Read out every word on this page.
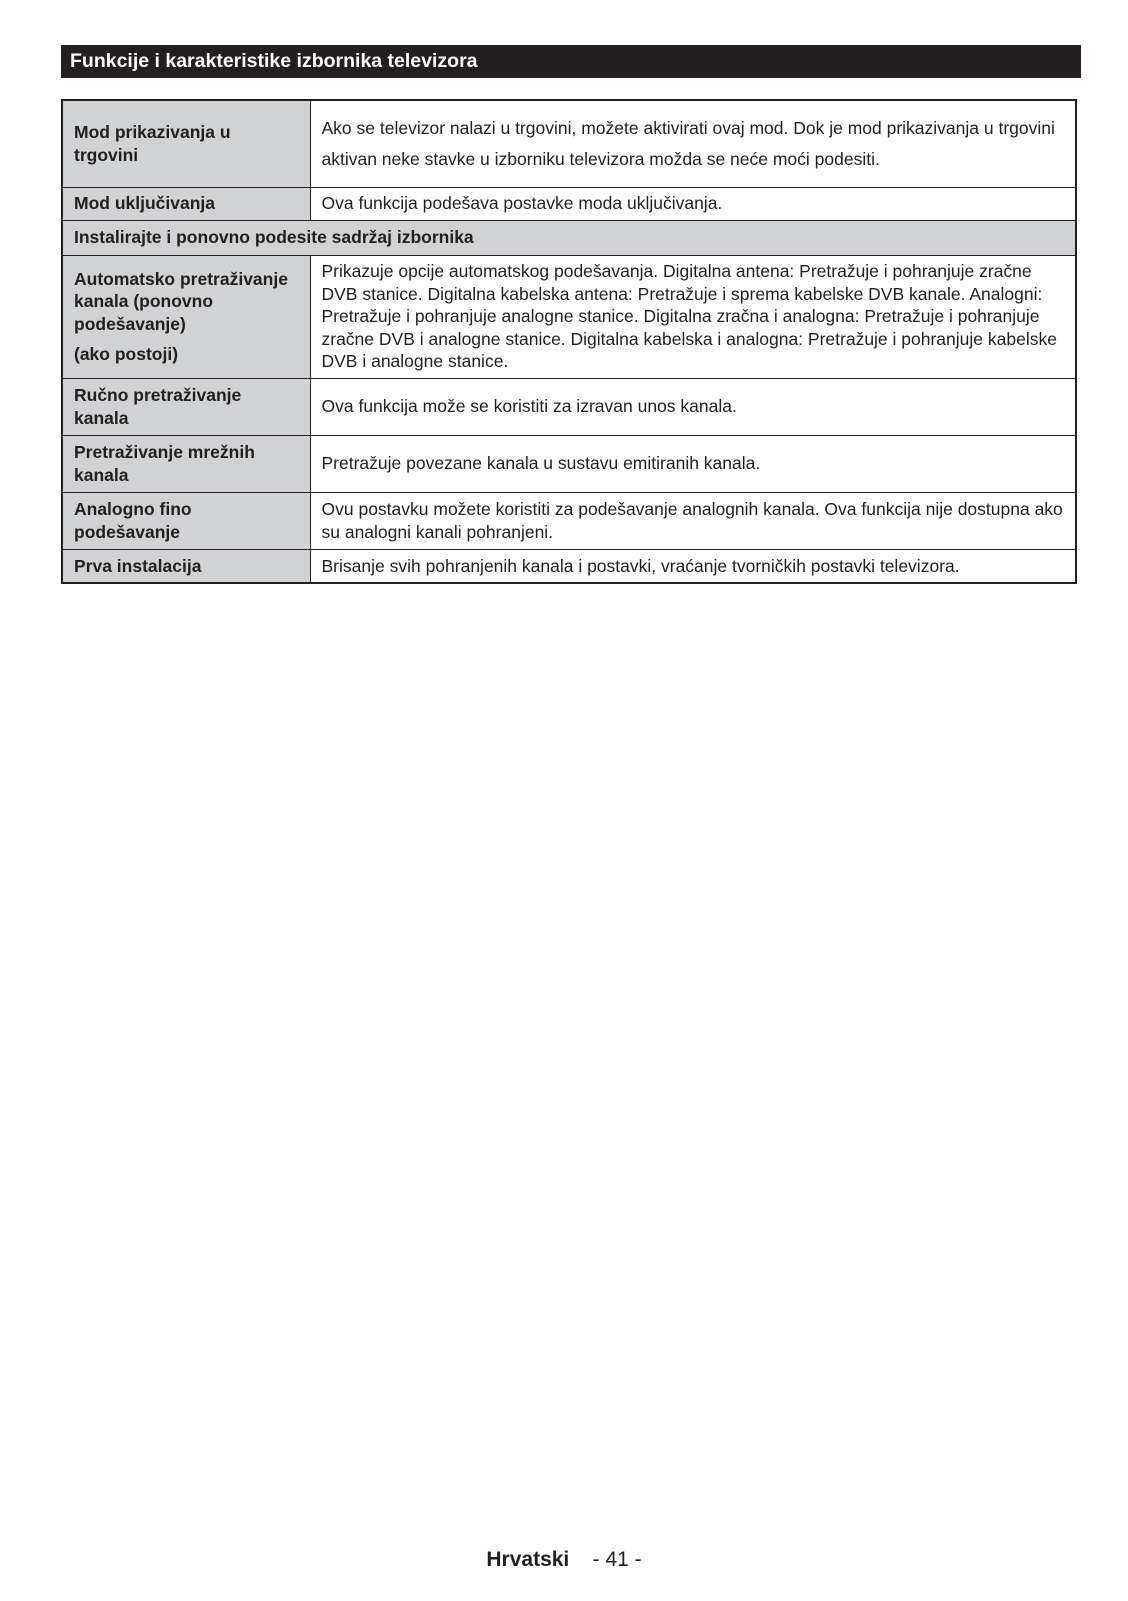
Funkcije i karakteristike izbornika televizora
Mod prikazivanja u trgovini	Ako se televizor nalazi u trgovini, možete aktivirati ovaj mod. Dok je mod prikazivanja u trgovini
aktivan neke stavke u izborniku televizora možda se neće moći podesiti.
Mod uključivanja	Ova funkcija podešava postavke moda uključivanja.
Instalirajte i ponovno podesite sadržaj izbornika	
Automatsko pretraživanje kanala (ponovno podešavanje)
(ako postoji)	Prikazuje opcije automatskog podešavanja. Digitalna antena: Pretražuje i pohranjuje zračne DVB stanice. Digitalna kabelska antena: Pretražuje i sprema kabelske DVB kanale. Analogni: Pretražuje i pohranjuje analogne stanice. Digitalna zračna i analogna: Pretražuje i pohranjuje zračne DVB i analogne stanice. Digitalna kabelska i analogna: Pretražuje i pohranjuje kabelske DVB i analogne stanice.
Ručno pretraživanje kanala	Ova funkcija može se koristiti za izravan unos kanala.
Pretraživanje mrežnih kanala	Pretražuje povezane kanala u sustavu emitiranih kanala.
Analogno fino podešavanje	Ovu postavku možete koristiti za podešavanje analognih kanala. Ova funkcija nije dostupna ako su analogni kanali pohranjeni.
Prva instalacija	Brisanje svih pohranjenih kanala i postavki, vraćanje tvorničkih postavki televizora.
Hrvatski - 41 -
